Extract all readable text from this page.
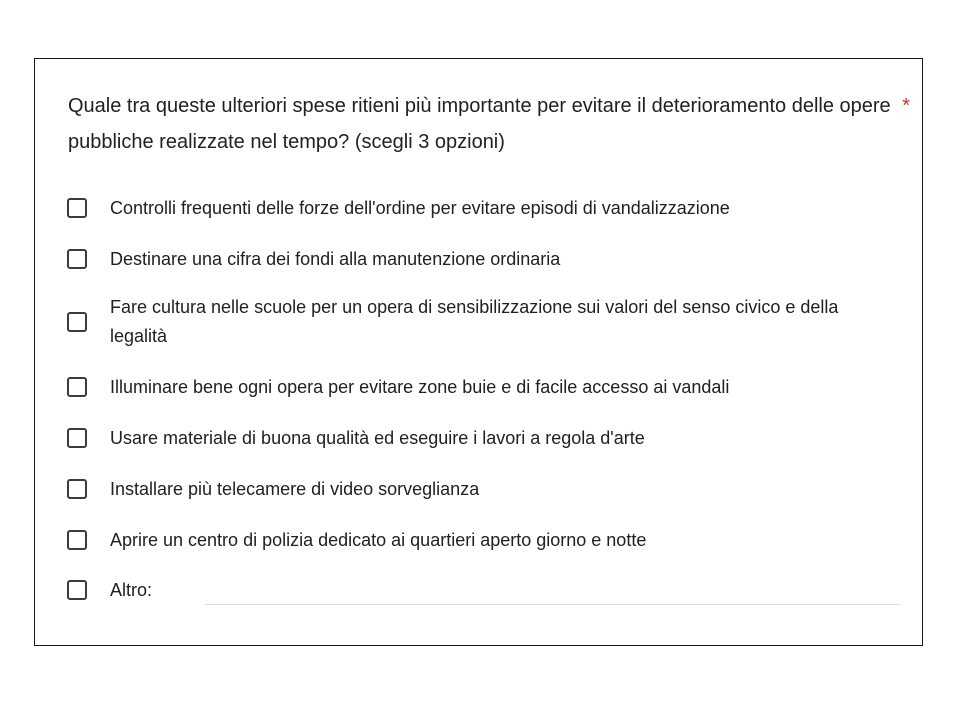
Quale tra queste ulteriori spese ritieni più importante per evitare il deterioramento delle opere pubbliche realizzate nel tempo? (scegli 3 opzioni)
*
Controlli frequenti delle forze dell'ordine per evitare episodi di vandalizzazione
Destinare una cifra dei fondi alla manutenzione ordinaria
Fare cultura nelle scuole per un opera di sensibilizzazione sui valori del senso civico e della legalità
Illuminare bene ogni opera per evitare zone buie e di facile accesso ai vandali
Usare materiale di buona qualità ed eseguire i lavori a regola d'arte
Installare più telecamere di video sorveglianza
Aprire un centro di polizia dedicato ai quartieri aperto giorno e notte
Altro:
